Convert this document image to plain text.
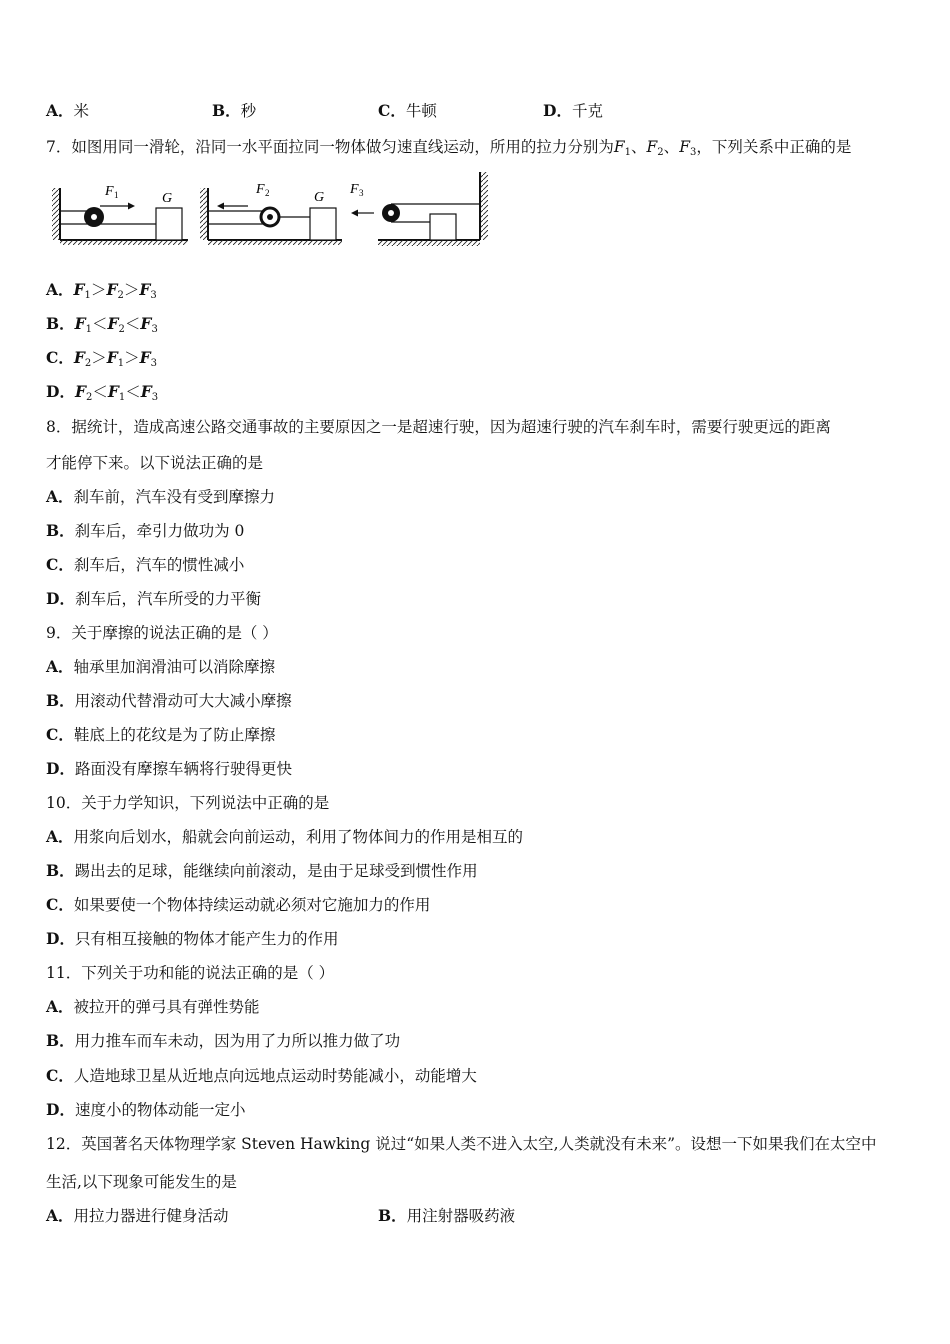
A．米	B．秒	C．牛顿	D．千克
7．如图用同一滑轮，沿同一水平面拉同一物体做匀速直线运动，所用的拉力分别为$F_1$、$F_2$、$F_3$，下列关系中正确的是
F 1	G
F 2	G
F 3
A．$F_1>F_2>F_3$
B．$F_1<F_2<F_3$
C．$F_2>F_1>F_3$
D．$F_2<F_1<F_3$
8．据统计，造成高速公路交通事故的主要原因之一是超速行驶，因为超速行驶的汽车刹车时，需要行驶更远的距离
才能停下来。以下说法正确的是
A．刹车前，汽车没有受到摩擦力
B．刹车后，牵引力做功为 0
C．刹车后，汽车的惯性减小
D．刹车后，汽车所受的力平衡
9．关于摩擦的说法正确的是（ ）
A．轴承里加润滑油可以消除摩擦
B．用滚动代替滑动可大大减小摩擦
C．鞋底上的花纹是为了防止摩擦
D．路面没有摩擦车辆将行驶得更快
10．关于力学知识，下列说法中正确的是
A．用浆向后划水，船就会向前运动，利用了物体间力的作用是相互的
B．踢出去的足球，能继续向前滚动，是由于足球受到惯性作用
C．如果要使一个物体持续运动就必须对它施加力的作用
D．只有相互接触的物体才能产生力的作用
11．下列关于功和能的说法正确的是（ ）
A．被拉开的弹弓具有弹性势能
B．用力推车而车未动，因为用了力所以推力做了功
C．人造地球卫星从近地点向远地点运动时势能减小，动能增大
D．速度小的物体动能一定小
12．英国著名天体物理学家 Steven Hawking 说过“如果人类不进入太空,人类就没有未来”。设想一下如果我们在太空中
生活,以下现象可能发生的是
A．用拉力器进行健身活动	B．用注射器吸药液
